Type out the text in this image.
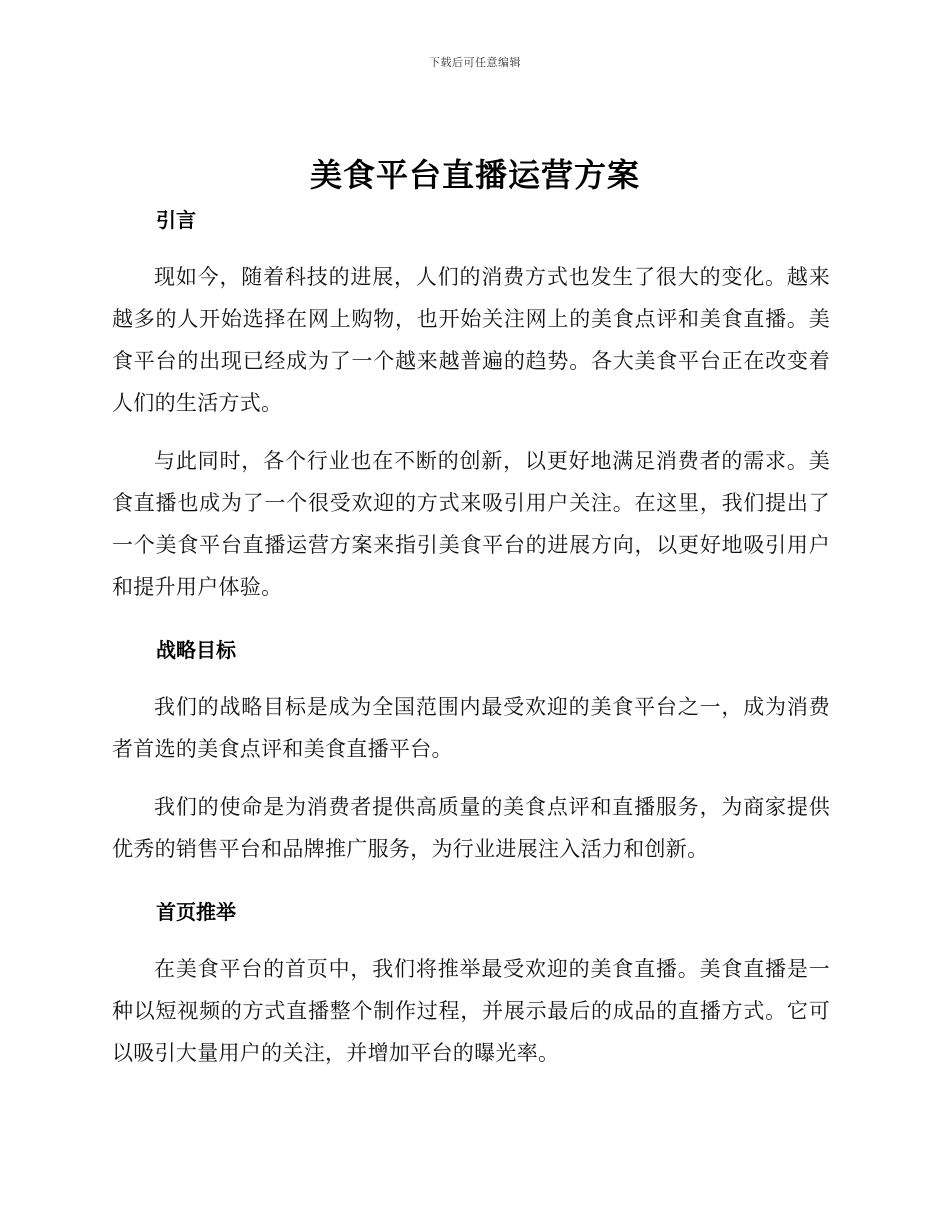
下载后可任意编辑
美食平台直播运营方案
引言

现如今，随着科技的进展，人们的消费方式也发生了很大的变化。越来越多的人开始选择在网上购物，也开始关注网上的美食点评和美食直播。美食平台的出现已经成为了一个越来越普遍的趋势。各大美食平台正在改变着人们的生活方式。

与此同时，各个行业也在不断的创新，以更好地满足消费者的需求。美食直播也成为了一个很受欢迎的方式来吸引用户关注。在这里，我们提出了一个美食平台直播运营方案来指引美食平台的进展方向，以更好地吸引用户和提升用户体验。

战略目标

我们的战略目标是成为全国范围内最受欢迎的美食平台之一，成为消费者首选的美食点评和美食直播平台。

我们的使命是为消费者提供高质量的美食点评和直播服务，为商家提供优秀的销售平台和品牌推广服务，为行业进展注入活力和创新。

首页推举

在美食平台的首页中，我们将推举最受欢迎的美食直播。美食直播是一种以短视频的方式直播整个制作过程，并展示最后的成品的直播方式。它可以吸引大量用户的关注，并增加平台的曝光率。
